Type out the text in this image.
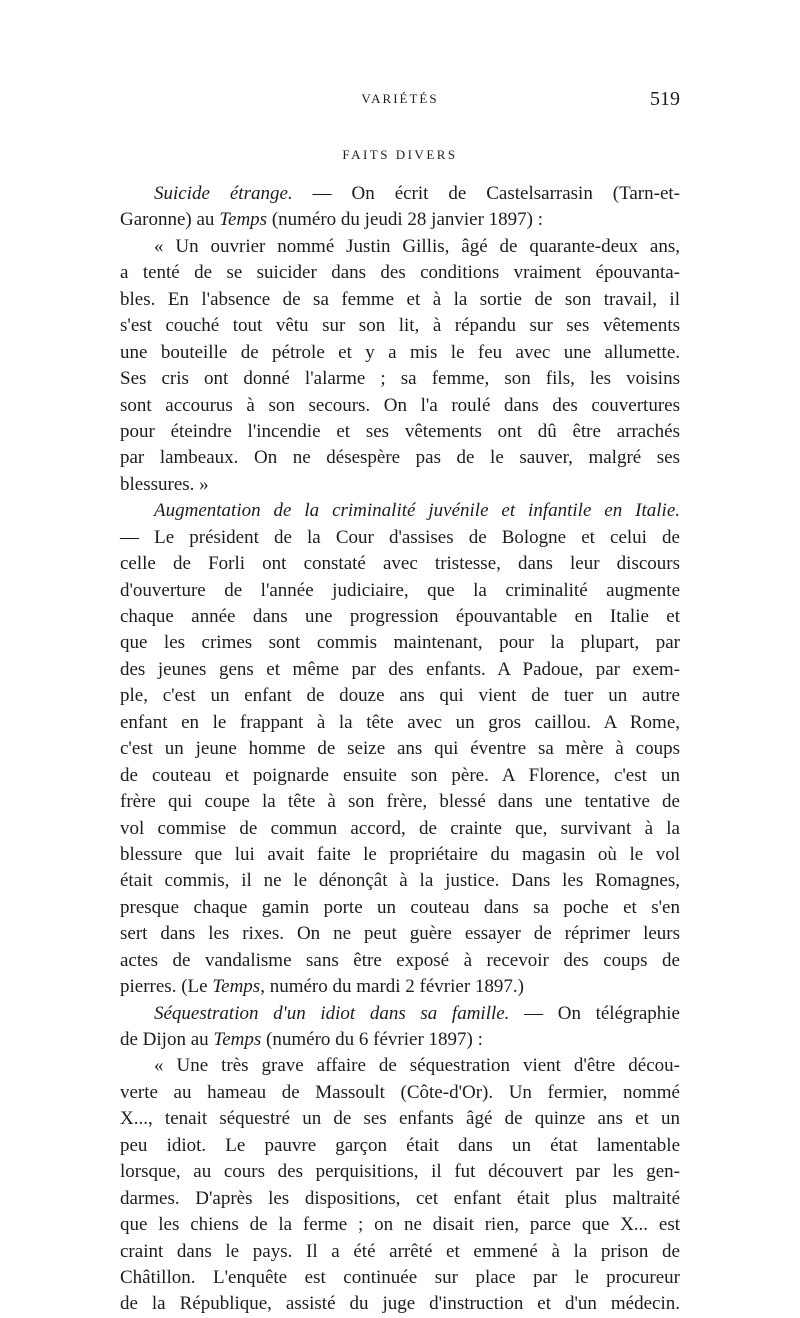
VARIÉTÉS	519
FAITS DIVERS
Suicide étrange. — On écrit de Castelsarrasin (Tarn-et-
Garonne) au Temps (numéro du jeudi 28 janvier 1897) :
« Un ouvrier nommé Justin Gillis, âgé de quarante-deux ans,
a tenté de se suicider dans des conditions vraiment épouvanta-
bles. En l'absence de sa femme et à la sortie de son travail, il
s'est couché tout vêtu sur son lit, à répandu sur ses vêtements
une bouteille de pétrole et y a mis le feu avec une allumette.
Ses cris ont donné l'alarme ; sa femme, son fils, les voisins
sont accourus à son secours. On l'a roulé dans des couvertures
pour éteindre l'incendie et ses vêtements ont dû être arrachés
par lambeaux. On ne désespère pas de le sauver, malgré ses
blessures. »
Augmentation de la criminalité juvénile et infantile en Italie.
— Le président de la Cour d'assises de Bologne et celui de
celle de Forli ont constaté avec tristesse, dans leur discours
d'ouverture de l'année judiciaire, que la criminalité augmente
chaque année dans une progression épouvantable en Italie et
que les crimes sont commis maintenant, pour la plupart, par
des jeunes gens et même par des enfants. A Padoue, par exem-
ple, c'est un enfant de douze ans qui vient de tuer un autre
enfant en le frappant à la tête avec un gros caillou. A Rome,
c'est un jeune homme de seize ans qui éventre sa mère à coups
de couteau et poignarde ensuite son père. A Florence, c'est un
frère qui coupe la tête à son frère, blessé dans une tentative de
vol commise de commun accord, de crainte que, survivant à la
blessure que lui avait faite le propriétaire du magasin où le vol
était commis, il ne le dénonçât à la justice. Dans les Romagnes,
presque chaque gamin porte un couteau dans sa poche et s'en
sert dans les rixes. On ne peut guère essayer de réprimer leurs
actes de vandalisme sans être exposé à recevoir des coups de
pierres. (Le Temps, numéro du mardi 2 février 1897.)
Séquestration d'un idiot dans sa famille. — On télégraphie
de Dijon au Temps (numéro du 6 février 1897) :
« Une très grave affaire de séquestration vient d'être décou-
verte au hameau de Massoult (Côte-d'Or). Un fermier, nommé
X..., tenait séquestré un de ses enfants âgé de quinze ans et un
peu idiot. Le pauvre garçon était dans un état lamentable
lorsque, au cours des perquisitions, il fut découvert par les gen-
darmes. D'après les dispositions, cet enfant était plus maltraité
que les chiens de la ferme ; on ne disait rien, parce que X... est
craint dans le pays. Il a été arrêté et emmené à la prison de
Châtillon. L'enquête est continuée sur place par le procureur
de la République, assisté du juge d'instruction et d'un médecin.
